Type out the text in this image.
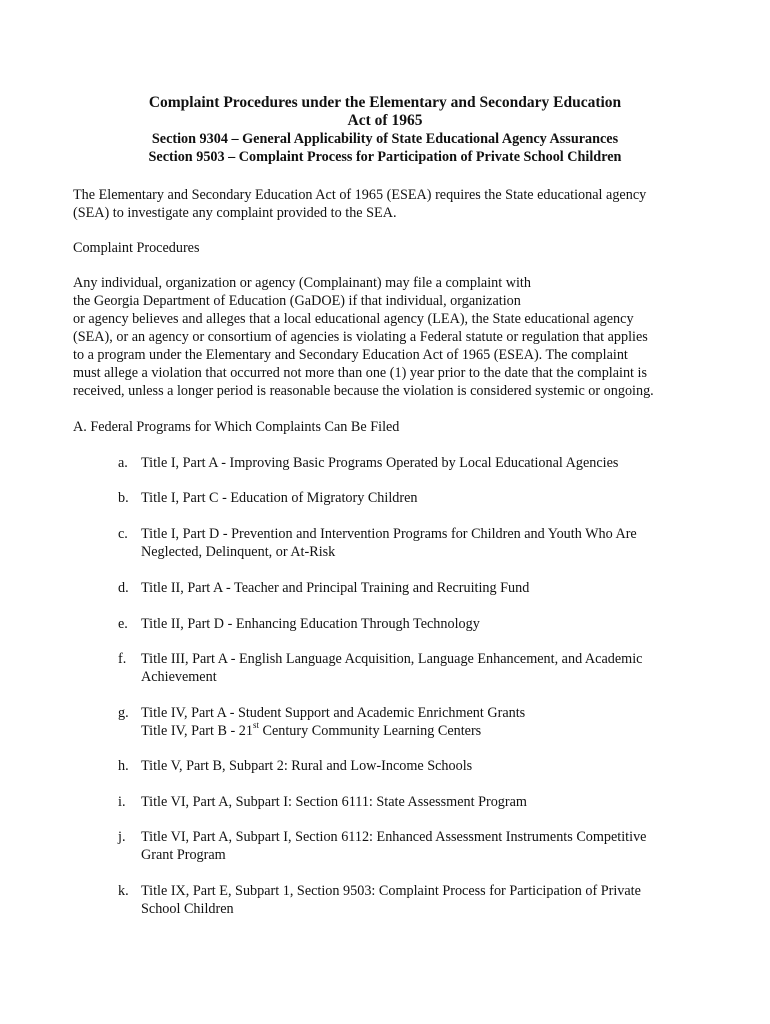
Complaint Procedures under the Elementary and Secondary Education
Act of 1965
Section 9304 – General Applicability of State Educational Agency Assurances
Section 9503 – Complaint Process for Participation of Private School Children
The Elementary and Secondary Education Act of 1965 (ESEA) requires the State educational agency
(SEA) to investigate any complaint provided to the SEA.
Complaint Procedures
Any individual, organization or agency (Complainant) may file a complaint with
the Georgia Department of Education (GaDOE) if that individual, organization
or agency believes and alleges that a local educational agency (LEA), the State educational agency
(SEA), or an agency or consortium of agencies is violating a Federal statute or regulation that applies
to a program under the Elementary and Secondary Education Act of 1965 (ESEA). The complaint
must allege a violation that occurred not more than one (1) year prior to the date that the complaint is
received, unless a longer period is reasonable because the violation is considered systemic or ongoing.
A. Federal Programs for Which Complaints Can Be Filed
a. Title I, Part A - Improving Basic Programs Operated by Local Educational Agencies
b. Title I, Part C - Education of Migratory Children
c. Title I, Part D - Prevention and Intervention Programs for Children and Youth Who Are
Neglected, Delinquent, or At-Risk
d. Title II, Part A - Teacher and Principal Training and Recruiting Fund
e. Title II, Part D - Enhancing Education Through Technology
f. Title III, Part A - English Language Acquisition, Language Enhancement, and Academic
Achievement
g. Title IV, Part A - Student Support and Academic Enrichment Grants
Title IV, Part B - 21st Century Community Learning Centers
h. Title V, Part B, Subpart 2: Rural and Low-Income Schools
i. Title VI, Part A, Subpart I: Section 6111: State Assessment Program
j. Title VI, Part A, Subpart I, Section 6112: Enhanced Assessment Instruments Competitive
Grant Program
k. Title IX, Part E, Subpart 1, Section 9503: Complaint Process for Participation of Private
School Children
